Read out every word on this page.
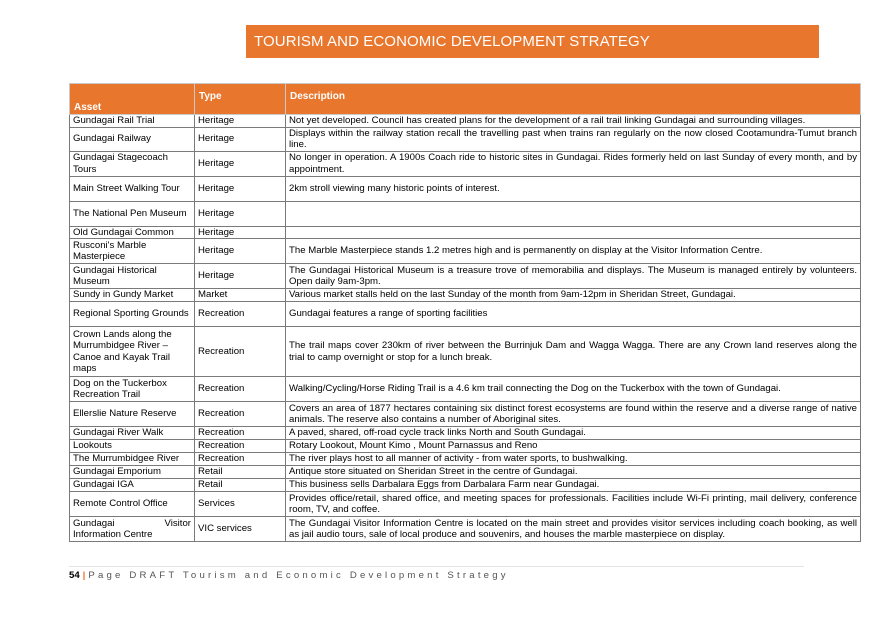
TOURISM AND ECONOMIC DEVELOPMENT STRATEGY
Asset	Type	Description
Gundagai Rail Trial	Heritage	Not yet developed. Council has created plans for the development of a rail trail linking Gundagai and surrounding villages.
Gundagai Railway	Heritage	Displays within the railway station recall the travelling past when trains ran regularly on the now closed Cootamundra-Tumut branch line.
Gundagai Stagecoach Tours	Heritage	No longer in operation. A 1900s Coach ride to historic sites in Gundagai. Rides formerly held on last Sunday of every month, and by appointment.
Main Street Walking Tour	Heritage	2km stroll viewing many historic points of interest.
The National Pen Museum	Heritage	
Old Gundagai Common	Heritage	
Rusconi's Marble Masterpiece	Heritage	The Marble Masterpiece stands 1.2 metres high and is permanently on display at the Visitor Information Centre.
Gundagai Historical Museum	Heritage	The Gundagai Historical Museum is a treasure trove of memorabilia and displays. The Museum is managed entirely by volunteers. Open daily 9am-3pm.
Sundy in Gundy Market	Market	Various market stalls held on the last Sunday of the month from 9am-12pm in Sheridan Street, Gundagai.
Regional Sporting Grounds	Recreation	Gundagai features a range of sporting facilities
Crown Lands along the Murrumbidgee River – Canoe and Kayak Trail maps	Recreation	The trail maps cover 230km of river between the Burrinjuk Dam and Wagga Wagga. There are any Crown land reserves along the trial to camp overnight or stop for a lunch break.
Dog on the Tuckerbox Recreation Trail	Recreation	Walking/Cycling/Horse Riding Trail is a 4.6 km trail connecting the Dog on the Tuckerbox with the town of Gundagai.
Ellerslie Nature Reserve	Recreation	Covers an area of 1877 hectares containing six distinct forest ecosystems are found within the reserve and a diverse range of native animals. The reserve also contains a number of Aboriginal sites.
Gundagai River Walk	Recreation	A paved, shared, off-road cycle track links North and South Gundagai.
Lookouts	Recreation	Rotary Lookout, Mount Kimo , Mount Parnassus and Reno
The Murrumbidgee River	Recreation	The river plays host to all manner of activity - from water sports, to bushwalking.
Gundagai Emporium	Retail	Antique store situated on Sheridan Street in the centre of Gundagai.
Gundagai IGA	Retail	This business sells Darbalara Eggs from Darbalara Farm near Gundagai.
Remote Control Office	Services	Provides office/retail, shared office, and meeting spaces for professionals. Facilities include Wi-Fi printing, mail delivery, conference room, TV, and coffee.
Gundagai Visitor Information Centre	VIC services	The Gundagai Visitor Information Centre is located on the main street and provides visitor services including coach booking, as well as jail audio tours, sale of local produce and souvenirs, and houses the marble masterpiece on display.
54 | Page DRAFT Tourism and Economic Development Strategy
